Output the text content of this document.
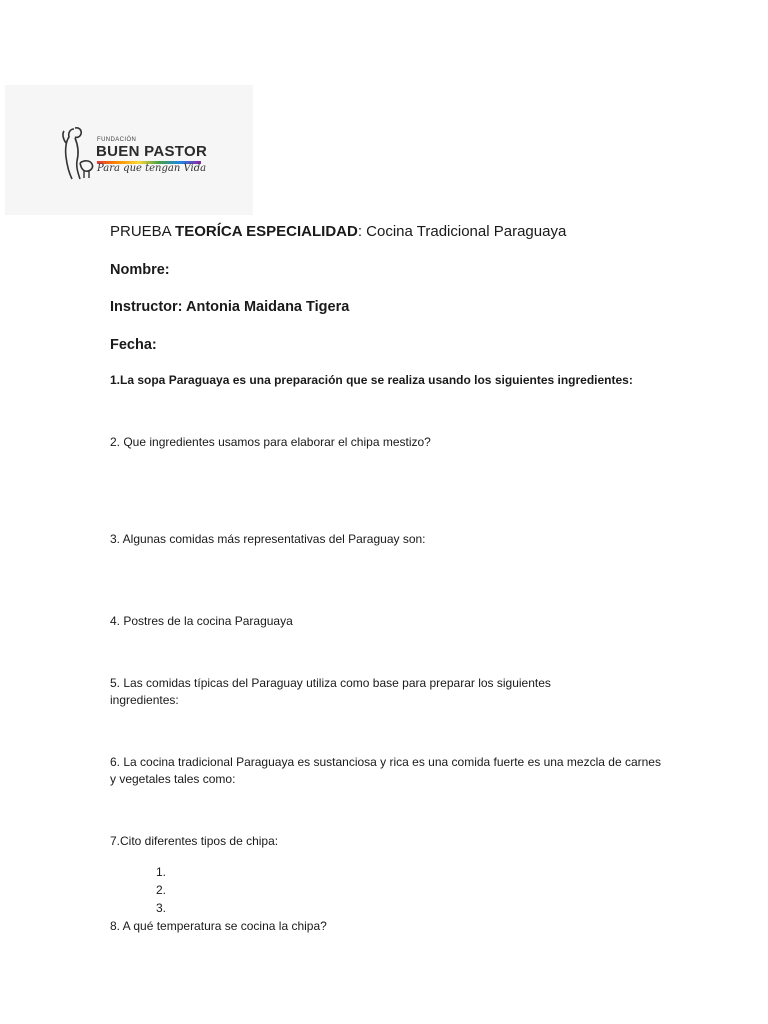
FUNDACIÓN
BUEN PASTOR
Para que tengan Vida
PRUEBA TEORÍCA ESPECIALIDAD: Cocina Tradicional Paraguaya
Nombre:
Instructor: Antonia Maidana Tigera
Fecha:
1.La sopa Paraguaya es una preparación que se realiza usando los siguientes ingredientes:
2. Que ingredientes usamos para elaborar el chipa mestizo?
3. Algunas comidas más representativas del Paraguay son:
4. Postres de la cocina Paraguaya
5. Las comidas típicas del Paraguay utiliza como base para preparar los siguientes ingredientes:
6. La cocina tradicional Paraguaya es sustanciosa y rica es una comida fuerte es una mezcla de carnes y vegetales tales como:
7.Cito diferentes tipos de chipa:
1.
2.
3.
8. A qué temperatura se cocina la chipa?
